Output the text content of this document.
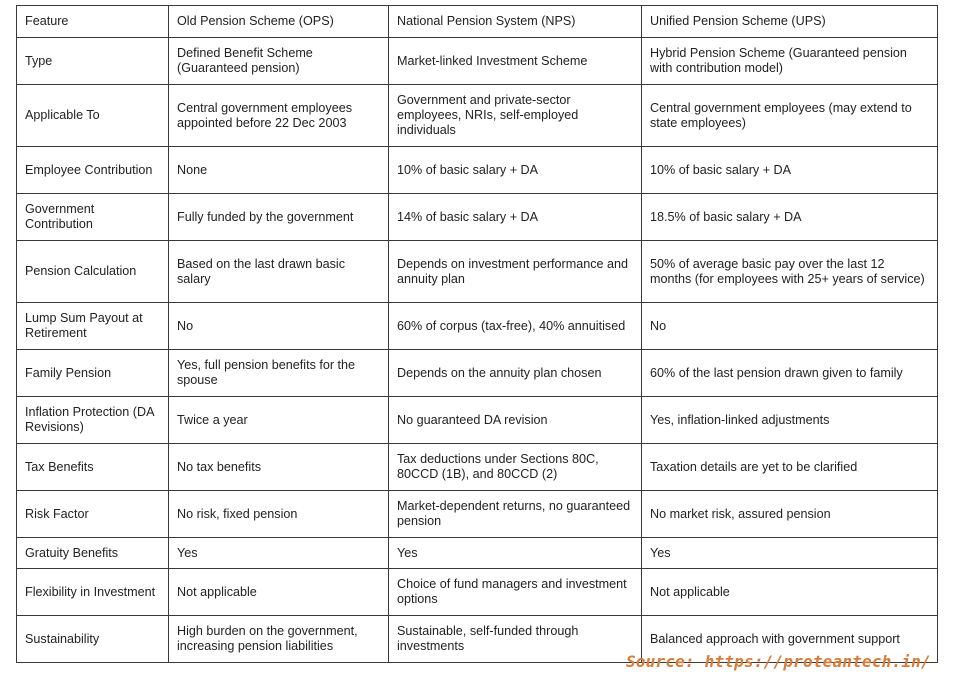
Feature	Old Pension Scheme (OPS)	National Pension System (NPS)	Unified Pension Scheme (UPS)
Type	Defined Benefit Scheme (Guaranteed pension)	Market-linked Investment Scheme	Hybrid Pension Scheme (Guaranteed pension with contribution model)
Applicable To	Central government employees appointed before 22 Dec 2003	Government and private-sector employees, NRIs, self-employed individuals	Central government employees (may extend to state employees)
Employee Contribution	None	10% of basic salary + DA	10% of basic salary + DA
Government Contribution	Fully funded by the government	14% of basic salary + DA	18.5% of basic salary + DA
Pension Calculation	Based on the last drawn basic salary	Depends on investment performance and annuity plan	50% of average basic pay over the last 12 months (for employees with 25+ years of service)
Lump Sum Payout at Retirement	No	60% of corpus (tax-free), 40% annuitised	No
Family Pension	Yes, full pension benefits for the spouse	Depends on the annuity plan chosen	60% of the last pension drawn given to family
Inflation Protection (DA Revisions)	Twice a year	No guaranteed DA revision	Yes, inflation-linked adjustments
Tax Benefits	No tax benefits	Tax deductions under Sections 80C, 80CCD (1B), and 80CCD (2)	Taxation details are yet to be clarified
Risk Factor	No risk, fixed pension	Market-dependent returns, no guaranteed pension	No market risk, assured pension
Gratuity Benefits	Yes	Yes	Yes
Flexibility in Investment	Not applicable	Choice of fund managers and investment options	Not applicable
Sustainability	High burden on the government, increasing pension liabilities	Sustainable, self-funded through investments	Balanced approach with government support
Source: https://proteantech.in/
